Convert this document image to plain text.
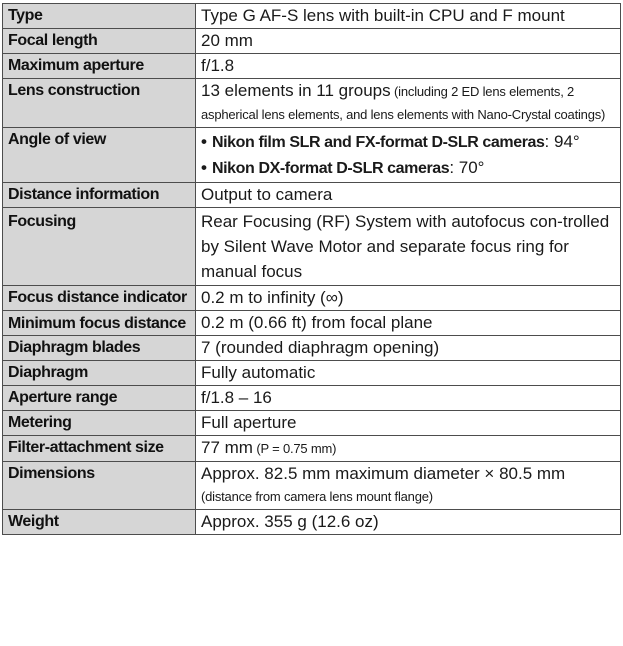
Type	Type G AF-S lens with built-in CPU and F mount
Focal length	20 mm
Maximum aperture	f/1.8
Lens construction	13 elements in 11 groups (including 2 ED lens elements, 2 aspherical lens elements, and lens elements with Nano-Crystal coatings)
Angle of view	• Nikon film SLR and FX-format D-SLR cameras: 94°
• Nikon DX-format D-SLR cameras: 70°

Distance information	Output to camera
Focusing	Rear Focusing (RF) System with autofocus con-trolled by Silent Wave Motor and separate focus ring for manual focus
Focus distance indicator	0.2 m to infinity (∞)
Minimum focus distance	0.2 m (0.66 ft) from focal plane
Diaphragm blades	7 (rounded diaphragm opening)
Diaphragm	Fully automatic
Aperture range	f/1.8 – 16
Metering	Full aperture
Filter-attachment size	77 mm (P = 0.75 mm)
Dimensions	Approx. 82.5 mm maximum diameter × 80.5 mm
(distance from camera lens mount flange)
Weight	Approx. 355 g (12.6 oz)
